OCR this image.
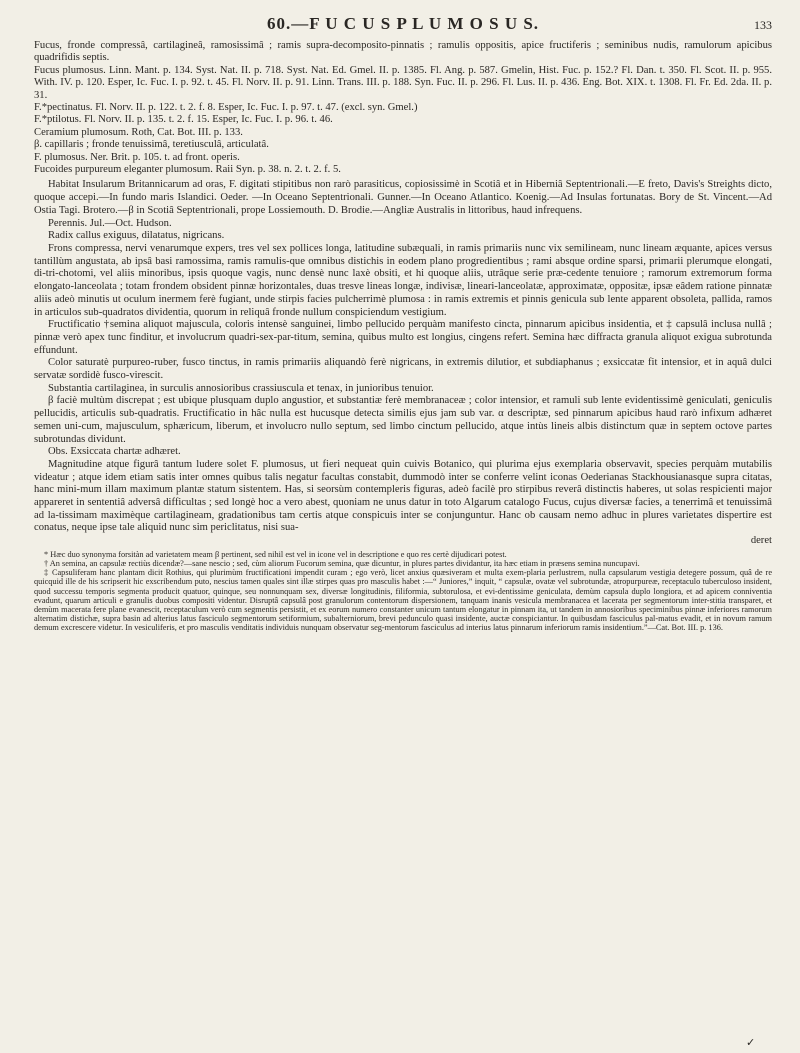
60.—F U C U S P L U M O S U S.	133

Fucus, fronde compressâ, cartilagineâ, ramosissimâ ; ramis supra-decomposito-pinnatis ; ramulis oppositis, apice fructiferis ; seminibus nudis, ramulorum apicibus quadrifidis septis.

Fucus plumosus. Linn. Mant. p. 134. Syst. Nat. II. p. 718. Syst. Nat. Ed. Gmel. II. p. 1385. Fl. Ang. p. 587. Gmelin, Hist. Fuc. p. 152.? Fl. Dan. t. 350. Fl. Scot. II. p. 955. With. IV. p. 120. Esper, Ic. Fuc. I. p. 92. t. 45. Fl. Norv. II. p. 91. Linn. Trans. III. p. 188. Syn. Fuc. II. p. 296. Fl. Lus. II. p. 436. Eng. Bot. XIX. t. 1308. Fl. Fr. Ed. 2da. II. p. 31.

F.*pectinatus. Fl. Norv. II. p. 122. t. 2. f. 8. Esper, Ic. Fuc. I. p. 97. t. 47. (excl. syn. Gmel.)

F.*ptilotus. Fl. Norv. II. p. 135. t. 2. f. 15. Esper, Ic. Fuc. I. p. 96. t. 46.

Ceramium plumosum. Roth, Cat. Bot. III. p. 133.

β. capillaris ; fronde tenuissimâ, teretiusculâ, articulatâ.

F. plumosus. Ner. Brit. p. 105. t. ad front. operis.

Fucoides purpureum eleganter plumosum. Raii Syn. p. 38. n. 2. t. 2. f. 5.

Habitat Insularum Britannicarum ad oras, F. digitati stipitibus non rarò parasiticus, copiosissimè in Scotiâ et in Hiberniâ Septentrionali.—E freto, Davis's Streights dicto, quoque accepi.—In fundo maris Islandici. Oeder. —In Oceano Septentrionali. Gunner.—In Oceano Atlantico. Koenig.—Ad Insulas fortunatas. Bory de St. Vincent.—Ad Ostia Tagi. Brotero.—β in Scotiâ Septentrionali, prope Lossiemouth. D. Brodie.—Angliæ Australis in littoribus, haud infrequens.

Perennis. Jul.—Oct. Hudson.

Radix callus exiguus, dilatatus, nigricans.

Frons compressa, nervi venarumque expers, tres vel sex pollices longa, latitudine subæquali, in ramis primariis nunc vix semilineam, nunc lineam æquante, apices versus tantillùm angustata, ab ipsâ basi ramossima, ramis ramulis-que omnibus distichis in eodem plano progredientibus ; rami absque ordine sparsi, primarii plerumque elongati, di-tri-chotomi, vel aliis minoribus, ipsis quoque vagis, nunc densè nunc laxè obsiti, et hi quoque aliis, utrâque serie præ-cedente tenuiore ; ramorum extremorum forma elongato-lanceolata ; totam frondem obsident pinnæ horizontales, duas tresve lineas longæ, indivisæ, lineari-lanceolatæ, approximatæ, oppositæ, ipsæ eâdem ratione pinnatæ aliis adeò minutis ut oculum inermem ferè fugiant, unde stirpis facies pulcherrimè plumosa : in ramis extremis et pinnis genicula sub lente apparent obsoleta, pallida, ramos in articulos sub-quadratos dividentia, quorum in reliquâ fronde nullum conspiciendum vestigium.

Fructificatio †semina aliquot majuscula, coloris intensè sanguinei, limbo pellucido perquàm manifesto cincta, pinnarum apicibus insidentia, et ‡ capsulâ inclusa nullâ ; pinnæ verò apex tunc finditur, et involucrum quadri-sex-par-titum, semina, quibus multo est longius, cingens refert. Semina hæc diffracta granula aliquot exigua subrotunda effundunt.

Color saturatè purpureo-ruber, fusco tinctus, in ramis primariis aliquandò ferè nigricans, in extremis dilutior, et subdiaphanus ; exsiccatæ fit intensior, et in aquâ dulci servatæ sordidè fusco-virescit.

Substantia cartilaginea, in surculis annosioribus crassiuscula et tenax, in junioribus tenuior.

β faciè multùm discrepat ; est ubique plusquam duplo angustior, et substantiæ ferè membranaceæ ; color intensior, et ramuli sub lente evidentissimè geniculati, geniculis pellucidis, articulis sub-quadratis. Fructificatio in hâc nulla est hucusque detecta similis ejus jam sub var. α descriptæ, sed pinnarum apicibus haud rarò infixum adhæret semen uni-cum, majusculum, sphæricum, liberum, et involucro nullo septum, sed limbo cinctum pellucido, atque intùs lineis albis distinctum quæ in septem octove partes subrotundas dividunt.

Obs. Exsiccata chartæ adhæret.

Magnitudine atque figurâ tantum ludere solet F. plumosus, ut fieri nequeat quin cuivis Botanico, qui plurima ejus exemplaria observavit, species perquàm mutabilis videatur ; atque idem etiam satis inter omnes quibus talis negatur facultas constabit, dummodò inter se conferre velint iconas Oederianas Stackhousianasque supra citatas, hanc mini-mum illam maximum plantæ statum sistentem. Has, si seorsùm contempleris figuras, adeò facilè pro stirpibus reverâ distinctis haberes, ut solas respicienti major appareret in sententiâ adversâ difficultas ; sed longè hoc a vero abest, quoniam ne unus datur in toto Algarum catalogo Fucus, cujus diversæ facies, a tenerrimâ et tenuissimâ ad la-tissimam maximèque cartilagineam, gradationibus tam certis atque conspicuis inter se conjunguntur. Hanc ob causam nemo adhuc in plures varietates dispertire est conatus, neque ipse tale aliquid nunc sim periclitatus, nisi sua-

deret

* Hæc duo synonyma forsitàn ad varietatem meam β pertinent, sed nihil est vel in icone vel in descriptione e quo res certè dijudicari potest.

† An semina, an capsulæ rectiùs dicendæ?—sane nescio ; sed, cùm aliorum Fucorum semina, quæ dicuntur, in plures partes dividantur, ita hæc etiam in præsens semina nuncupavi.

‡ Capsuliferam hanc plantam dicit Rothius, qui plurimùm fructificationi impendit curam ; ego verò, licet anxius quæsiveram et multa exem-plaria perlustrem, nulla capsularum vestigia detegere possum, quâ de re quicquid ille de his scripserit hic exscribendum puto, nescius tamen quales sint illæ stirpes quas pro masculis habet :—“ Juniores,” inquit, “ capsulæ, ovatæ vel subrotundæ, atropurpureæ, receptaculo tuberculoso insident, quod successu temporis segmenta producit quatuor, quinque, seu nonnunquam sex, diversæ longitudinis, filiformia, subtorulosa, et evi-dentissime geniculata, demùm capsula duplo longiora, et ad apicem conniventia evadunt, quarum articuli e granulis duobus compositi videntur. Disruptâ capsulâ post granulorum contentorum dispersionem, tanquam inanis vesicula membranacea et lacerata per segmentorum inter-stitia transparet, et demùm macerata fere plane evanescit, receptaculum verò cum segmentis persistit, et ex eorum numero constanter unicum tantum elongatur in pinnam ita, ut tandem in annosioribus speciminibus pinnæ inferiores ramorum alternatim distichæ, supra basin ad alterius latus fasciculo segmentorum setiformium, subalterniorum, brevi pedunculo quasi insidente, auctæ conspiciantur. In quibusdam fasciculus pal-matus evadit, et in novum ramum demum excrescere videtur. In vesiculiferis, et pro masculis venditatis individuis nunquam observatur seg-mentorum fasciculus ad interius latus pinnarum inferiorum ramis insidentium.”—Cat. Bot. III. p. 136.

✓
